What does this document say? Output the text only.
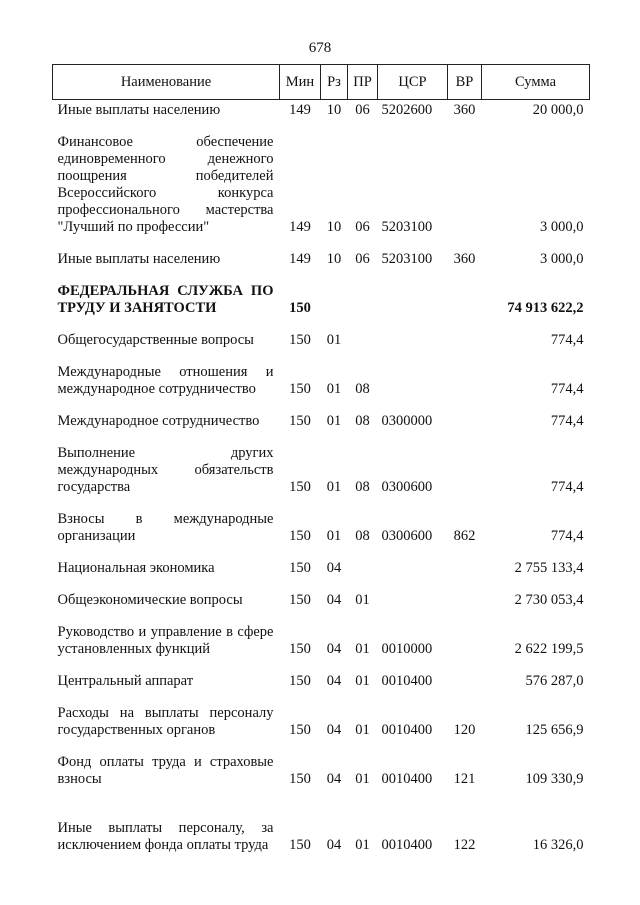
678
Наименование	Мин	Рз	ПР	ЦСР	ВР	Сумма
Иные выплаты населению	149	10	06	5202600	360	20 000,0
Финансовое обеспечение единовременного денежного поощрения победителей Всероссийского конкурса профессионального мастерства "Лучший по профессии"	149	10	06	5203100		3 000,0
Иные выплаты населению	149	10	06	5203100	360	3 000,0
ФЕДЕРАЛЬНАЯ СЛУЖБА ПО ТРУДУ И ЗАНЯТОСТИ	150					74 913 622,2
Общегосударственные вопросы	150	01				774,4
Международные отношения и международное сотрудничество	150	01	08			774,4
Международное сотрудничество	150	01	08	0300000		774,4
Выполнение других международных обязательств государства	150	01	08	0300600		774,4
Взносы в международные организации	150	01	08	0300600	862	774,4
Национальная экономика	150	04				2 755 133,4
Общеэкономические вопросы	150	04	01			2 730 053,4
Руководство и управление в сфере установленных функций	150	04	01	0010000		2 622 199,5
Центральный аппарат	150	04	01	0010400		576 287,0
Расходы на выплаты персоналу государственных органов	150	04	01	0010400	120	125 656,9
Фонд оплаты труда и страховые взносы	150	04	01	0010400	121	109 330,9
Иные выплаты персоналу, за исключением фонда оплаты труда	150	04	01	0010400	122	16 326,0
